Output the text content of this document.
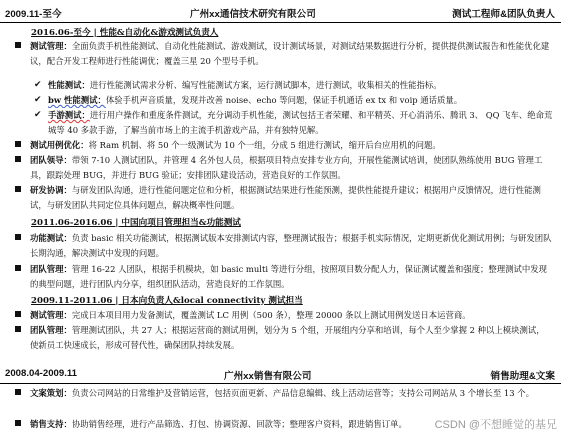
2009.11-至今	广州xx通信技术研究有限公司	测试工程师&团队负责人
2016.06-至今 | 性能&自动化&游戏测试负责人
测试管理：全面负责手机性能测试、自动化性能测试、游戏测试，设计测试场景，对测试结果数据进行分析，提供提供测试报告和性能优化建议，配合开发工程师进行性能调优；覆盖三星 20 个型号手机。
✔ 性能测试：进行性能测试需求分析、编写性能测试方案，运行测试脚本，进行测试，收集相关的性能指标。
✔ bw 性能测试：体验手机声音质量，发现并改善 noise、echo 等问题，保证手机通话 ex tx 和 voip 通话质量。
✔ 手游测试：进行用户操作和重度条件测试，充分调动手机性能，测试包括王者荣耀、和平精英、开心消消乐、腾讯 3、 QQ 飞车、绝命荒城等 40 多款手游，了解当前市场上的主流手机游戏产品，并有独特见解。
测试用例优化：将 Ram 机制、将 50 个一级测试为 10 个一组，分成 5 组进行测试，缩开后台应用机的问题。
团队领导：带领 7-10 人测试团队，并管理 4 名外包人员，根据项目特点安排专业方向，开展性能测试培训，使团队熟练使用 BUG 管理工具，跟踪处理 BUG，并进行 BUG 验证；安排团队建设活动，营造良好的工作氛围。
研发协调：与研发团队沟通，进行性能问题定位和分析，根据测试结果进行性能预测，提供性能提升建议；根据用户反馈情况，进行性能测试，与研发团队共同定位具体问题点，解决概率性问题。
2011.06-2016.06 | 中国向项目管理担当&功能测试
功能测试：负责 basic 相关功能测试，根据测试版本安排测试内容，整理测试报告；根据手机实际情况，定期更新优化测试用例；与研发团队长期沟通，解决测试中发现的问题。
团队管理：管理 16-22 人团队，根据手机模块，如 basic multi 等进行分组，按照项目数分配人力，保证测试覆盖和强度；整理测试中发现的典型问题，进行团队内分享，组织团队活动，营造良好的工作氛围。
2009.11-2011.06 | 日本向负责人&local connectivity 测试担当
测试管理：完成日本项目用力发备测试，覆盖测试 LC 用例（500 条），整理 20000 条以上测试用例发送日本运营商。
团队管理：管理测试团队，共 27 人；根据运营商的测试用例，划分为 5 个组，开展组内分享和培训，每个人至少掌握 2 种以上模块测试，使新员工快速成长，形成可替代性，确保团队持续发展。
2008.04-2009.11	广州xx销售有限公司	销售助理&文案
文案策划：负责公司网站的日常维护及营销运营，包括页面更新、产品信息编辑、线上活动运营等；支持公司网站从 3 个增长至 13 个。
销售支持：协助销售经理，进行产品筛选、打包、协调资源、回款等；整理客户资料，跟进销售订单。	CSDN @不想睡觉的基兄
